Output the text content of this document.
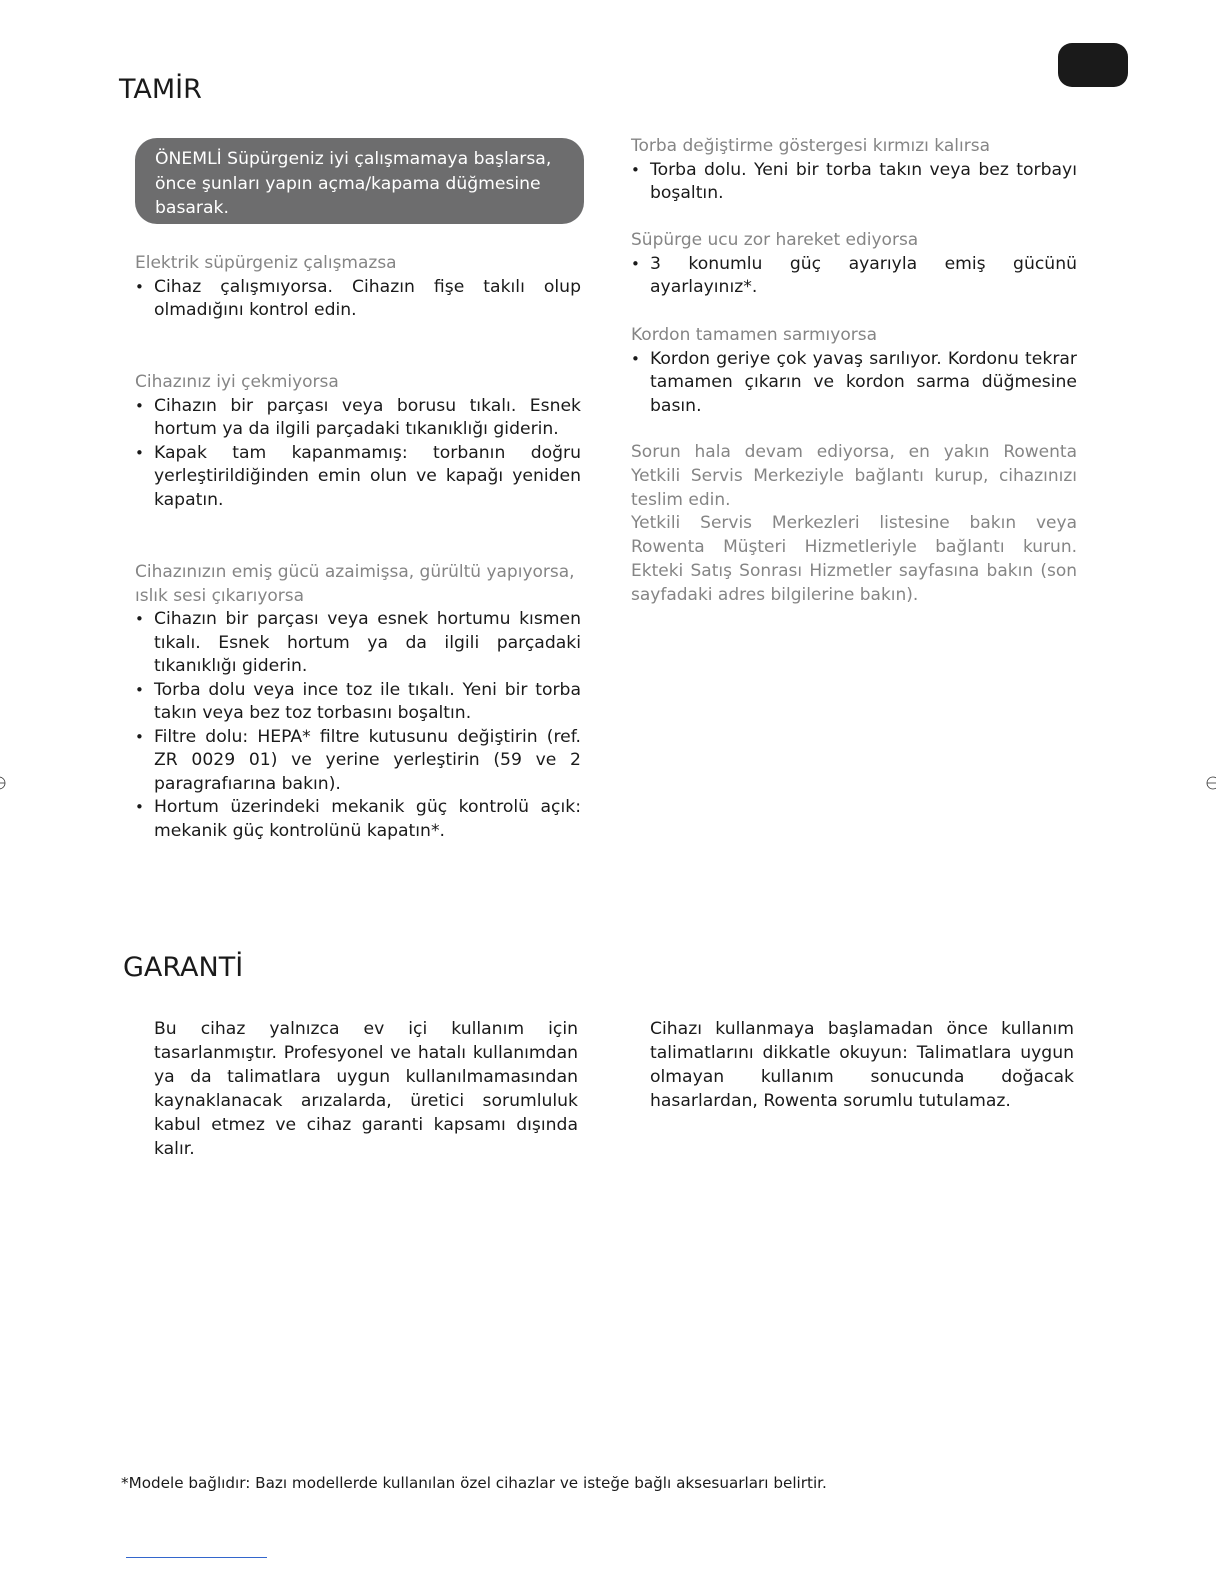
TAMİR
ÖNEMLİ Süpürgeniz iyi çalışmamaya başlarsa, önce şunları yapın açma/kapama düğmesine basarak.

Elektrik süpürgeniz çalışmazsa

• Cihaz çalışmıyorsa. Cihazın fişe takılı olup olmadığını kontrol edin.

Cihazınız iyi çekmiyorsa

• Cihazın bir parçası veya borusu tıkalı. Esnek hortum ya da ilgili parçadaki tıkanıklığı giderin.
• Kapak tam kapanmamış: torbanın doğru yerleştirildiğinden emin olun ve kapağı yeniden kapatın.

Cihazınızın emiş gücü azaimişsa, gürültü yapıyorsa, ıslık sesi çıkarıyorsa

• Cihazın bir parçası veya esnek hortumu kısmen tıkalı. Esnek hortum ya da ilgili parçadaki tıkanıklığı giderin.
• Torba dolu veya ince toz ile tıkalı. Yeni bir torba takın veya bez toz torbasını boşaltın.
• Filtre dolu: HEPA* filtre kutusunu değiştirin (ref. ZR 0029 01) ve yerine yerleştirin (59 ve 2 paragrafıarına bakın).
• Hortum üzerindeki mekanik güç kontrolü açık: mekanik güç kontrolünü kapatın*.

Torba değiştirme göstergesi kırmızı kalırsa

• Torba dolu. Yeni bir torba takın veya bez torbayı boşaltın.

Süpürge ucu zor hareket ediyorsa

• 3 konumlu güç ayarıyla emiş gücünü ayarlayınız*.

Kordon tamamen sarmıyorsa

• Kordon geriye çok yavaş sarılıyor. Kordonu tekrar tamamen çıkarın ve kordon sarma düğmesine basın.

Sorun hala devam ediyorsa, en yakın Rowenta Yetkili Servis Merkeziyle bağlantı kurup, cihazınızı teslim edin.

Yetkili Servis Merkezleri listesine bakın veya Rowenta Müşteri Hizmetleriyle bağlantı kurun. Ekteki Satış Sonrası Hizmetler sayfasına bakın (son sayfadaki adres bilgilerine bakın).

GARANTİ

Bu cihaz yalnızca ev içi kullanım için tasarlanmıştır. Profesyonel ve hatalı kullanımdan ya da talimatlara uygun kullanılmamasından kaynaklanacak arızalarda, üretici sorumluluk kabul etmez ve cihaz garanti kapsamı dışında kalır.

Cihazı kullanmaya başlamadan önce kullanım talimatlarını dikkatle okuyun: Talimatlara uygun olmayan kullanım sonucunda doğacak hasarlardan, Rowenta sorumlu tutulamaz.

*Modele bağlıdır: Bazı modellerde kullanılan özel cihazlar ve isteğe bağlı aksesuarları belirtir.
